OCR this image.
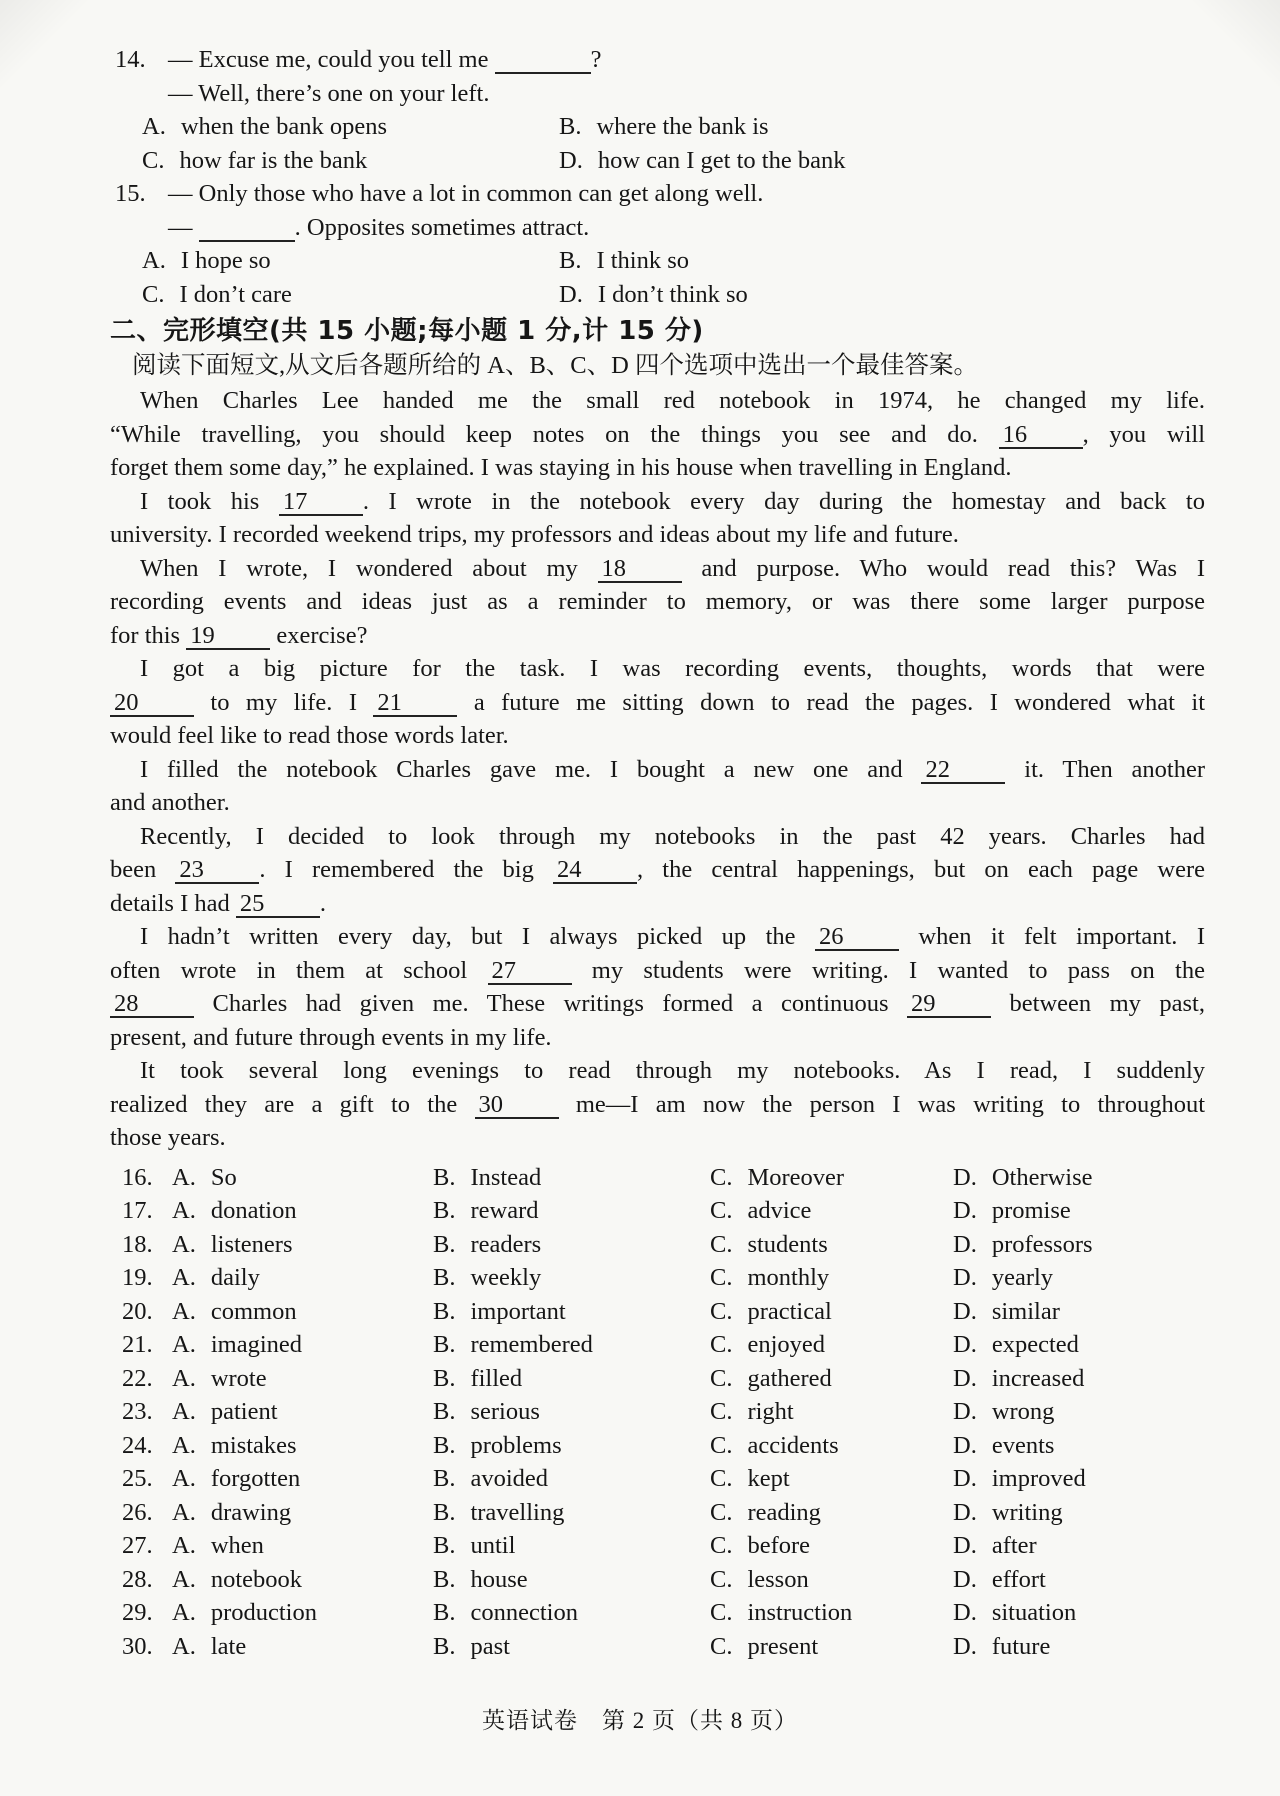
14. — Excuse me, could you tell me	?
— Well, there’s one on your left.
A. when the bank opens	B. where the bank is
C. how far is the bank	D. how can I get to the bank
15. — Only those who have a lot in common can get along well.
—	. Opposites sometimes attract.
A. I hope so	B. I think so
C. I don’t care	D. I don’t think so
二、完形填空(共 15 小题;每小题 1 分,计 15 分)
阅读下面短文,从文后各题所给的 A、B、C、D 四个选项中选出一个最佳答案。
When Charles Lee handed me the small red notebook in 1974, he changed my life.
“While travelling, you should keep notes on the things you see and do. 16 , you will
forget them some day,” he explained. I was staying in his house when travelling in England.
I took his 17 . I wrote in the notebook every day during the homestay and back to
university. I recorded weekend trips, my professors and ideas about my life and future.
When I wrote, I wondered about my 18 and purpose. Who would read this? Was I
recording events and ideas just as a reminder to memory, or was there some larger purpose
for this 19 exercise?
I got a big picture for the task. I was recording events, thoughts, words that were
20 to my life. I 21 a future me sitting down to read the pages. I wondered what it
would feel like to read those words later.
I filled the notebook Charles gave me. I bought a new one and 22 it. Then another
and another.
Recently, I decided to look through my notebooks in the past 42 years. Charles had
been 23 . I remembered the big 24 , the central happenings, but on each page were
details I had 25 .
I hadn’t written every day, but I always picked up the 26 when it felt important. I
often wrote in them at school 27 my students were writing. I wanted to pass on the
28 Charles had given me. These writings formed a continuous 29 between my past,
present, and future through events in my life.
It took several long evenings to read through my notebooks. As I read, I suddenly
realized they are a gift to the 30 me—I am now the person I was writing to throughout
those years.
16. A. So	B. Instead	C. Moreover	D. Otherwise
17. A. donation	B. reward	C. advice	D. promise
18. A. listeners	B. readers	C. students	D. professors
19. A. daily	B. weekly	C. monthly	D. yearly
20. A. common	B. important	C. practical	D. similar
21. A. imagined	B. remembered	C. enjoyed	D. expected
22. A. wrote	B. filled	C. gathered	D. increased
23. A. patient	B. serious	C. right	D. wrong
24. A. mistakes	B. problems	C. accidents	D. events
25. A. forgotten	B. avoided	C. kept	D. improved
26. A. drawing	B. travelling	C. reading	D. writing
27. A. when	B. until	C. before	D. after
28. A. notebook	B. house	C. lesson	D. effort
29. A. production	B. connection	C. instruction	D. situation
30. A. late	B. past	C. present	D. future
英语试卷　第 2 页（共 8 页）
